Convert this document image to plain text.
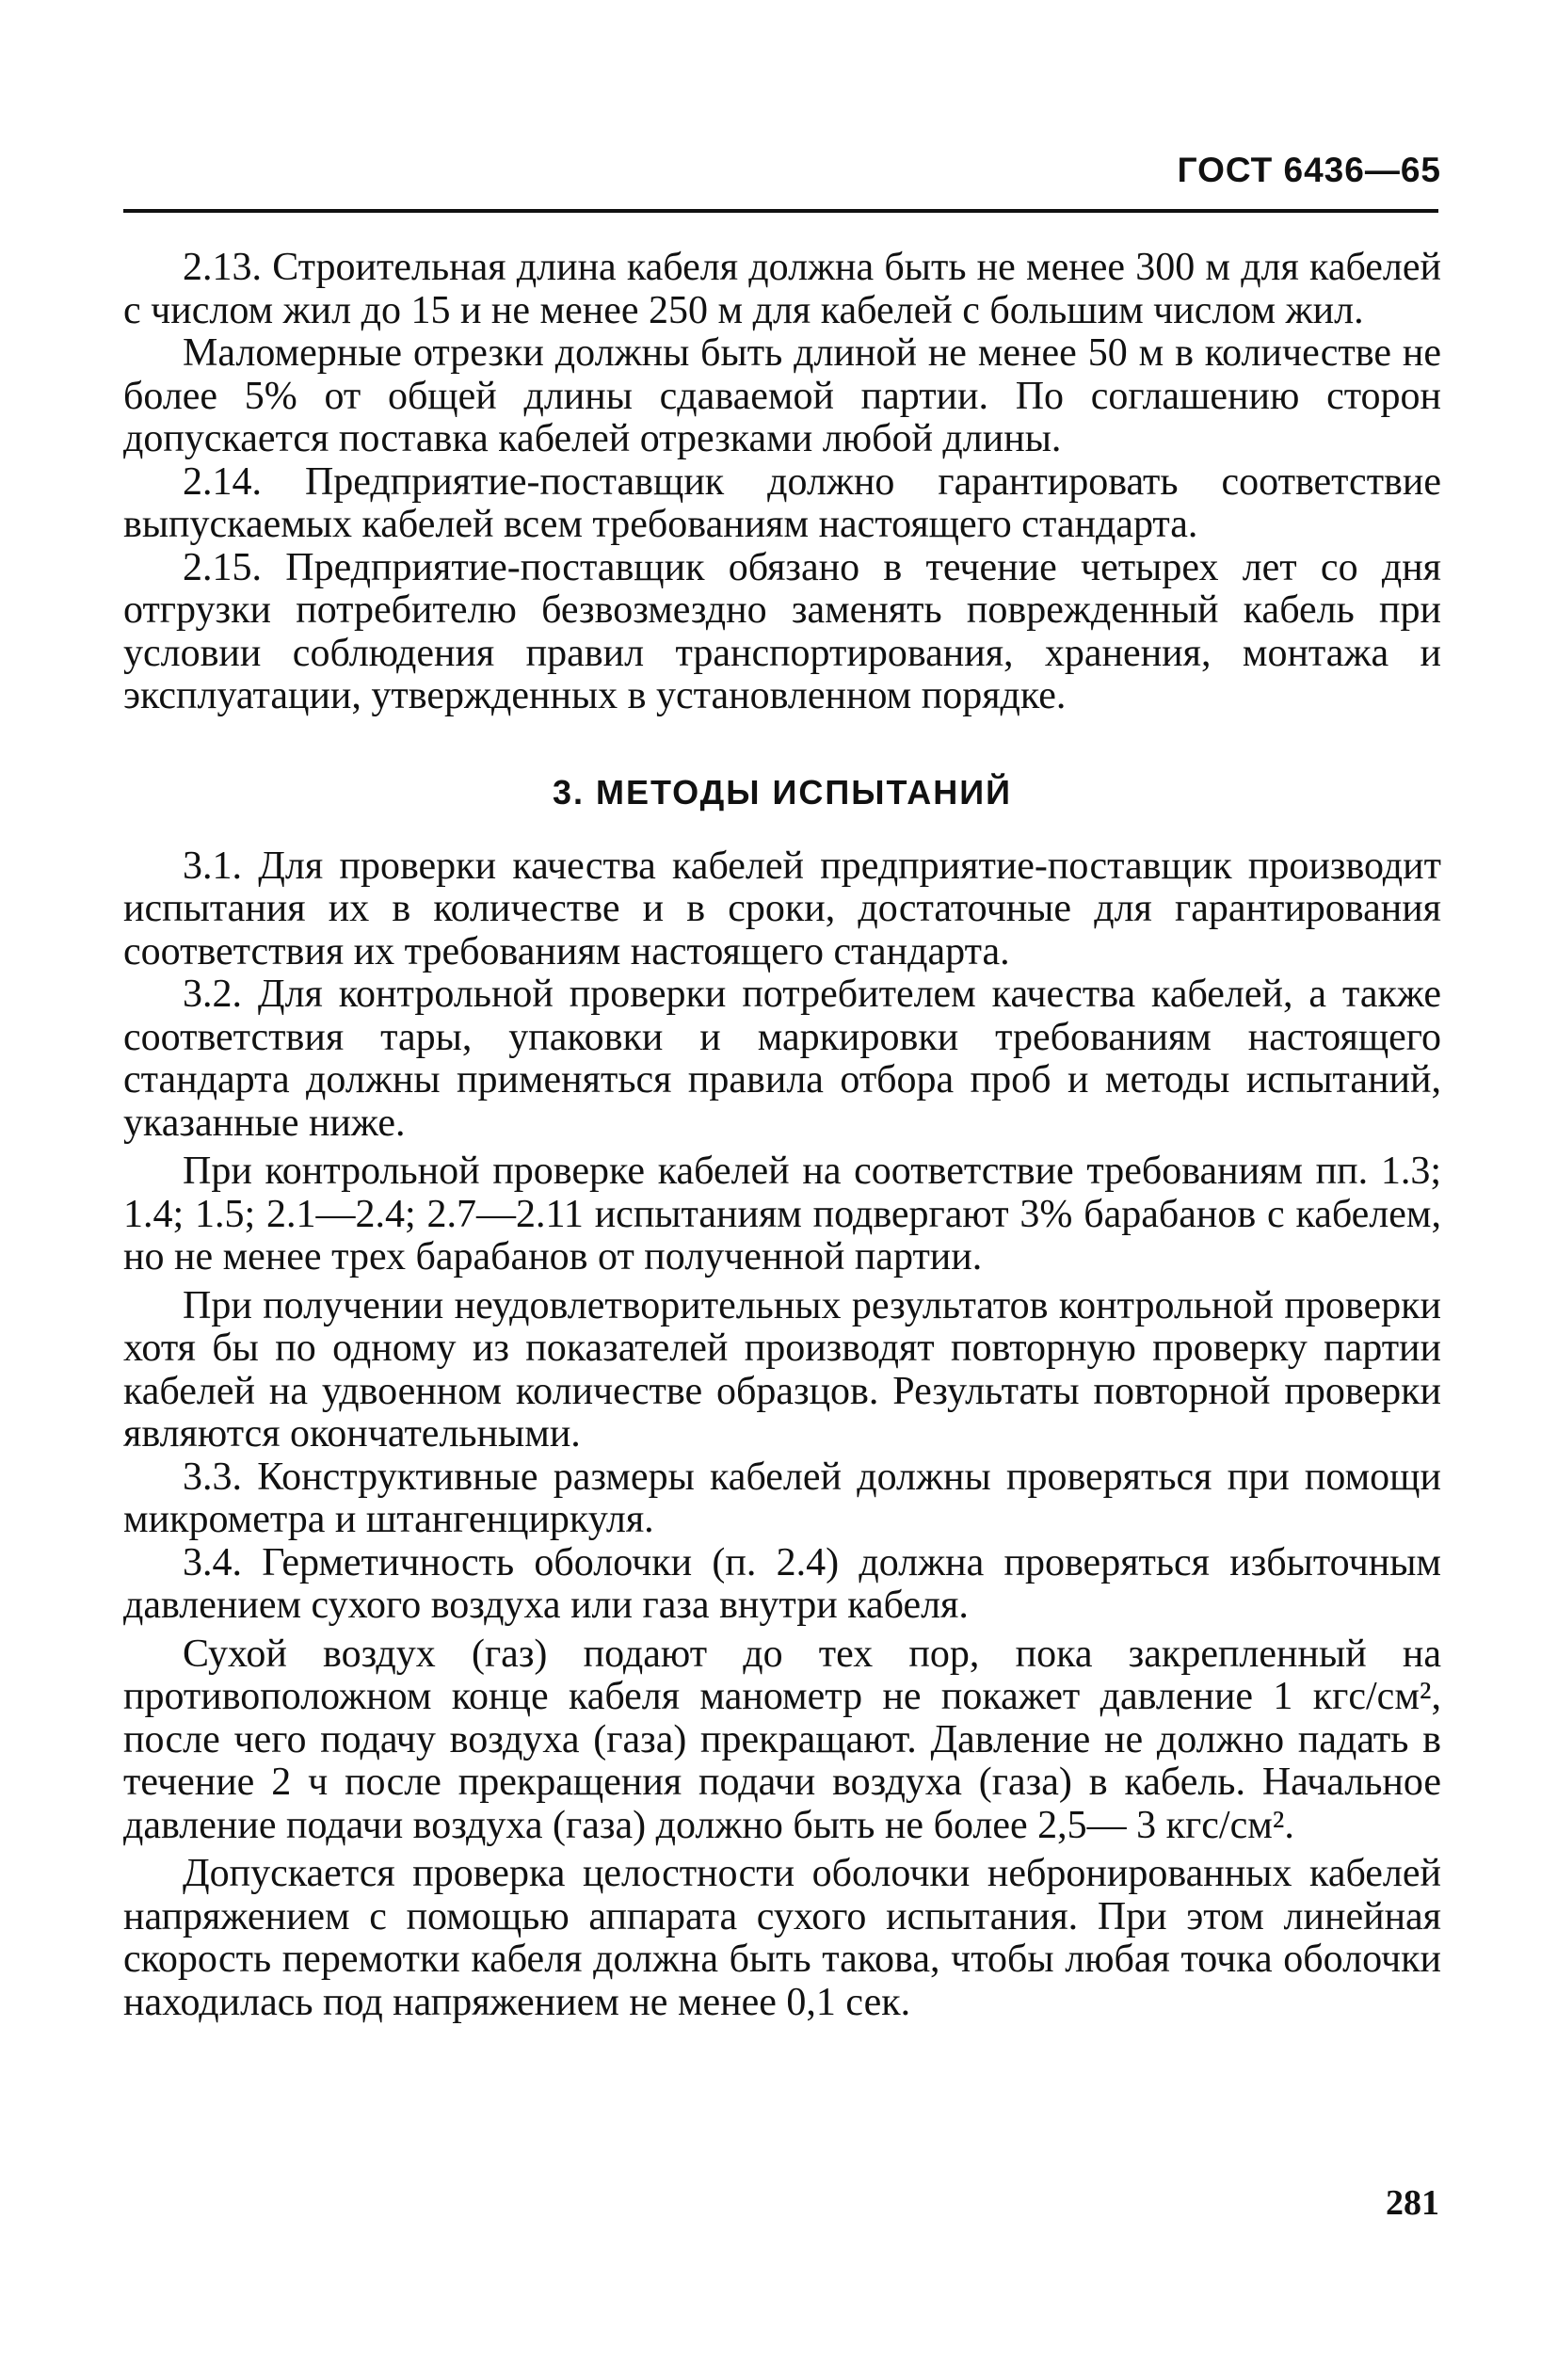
ГОСТ 6436—65

2.13. Строительная длина кабеля должна быть не менее 300 м для кабелей с числом жил до 15 и не менее 250 м для кабелей с большим числом жил.

Маломерные отрезки должны быть длиной не менее 50 м в количестве не более 5% от общей длины сдаваемой партии. По соглашению сторон допускается поставка кабелей отрезками любой длины.

2.14. Предприятие-поставщик должно гарантировать соответствие выпускаемых кабелей всем требованиям настоящего стандарта.

2.15. Предприятие-поставщик обязано в течение четырех лет со дня отгрузки потребителю безвозмездно заменять поврежденный кабель при условии соблюдения правил транспортирования, хранения, монтажа и эксплуатации, утвержденных в установленном порядке.

3. МЕТОДЫ ИСПЫТАНИЙ

3.1. Для проверки качества кабелей предприятие-поставщик производит испытания их в количестве и в сроки, достаточные для гарантирования соответствия их требованиям настоящего стандарта.

3.2. Для контрольной проверки потребителем качества кабелей, а также соответствия тары, упаковки и маркировки требованиям настоящего стандарта должны применяться правила отбора проб и методы испытаний, указанные ниже.

При контрольной проверке кабелей на соответствие требованиям пп. 1.3; 1.4; 1.5; 2.1—2.4; 2.7—2.11 испытаниям подвергают 3% барабанов с кабелем, но не менее трех барабанов от полученной партии.

При получении неудовлетворительных результатов контрольной проверки хотя бы по одному из показателей производят повторную проверку партии кабелей на удвоенном количестве образцов. Результаты повторной проверки являются окончательными.

3.3. Конструктивные размеры кабелей должны проверяться при помощи микрометра и штангенциркуля.

3.4. Герметичность оболочки (п. 2.4) должна проверяться избыточным давлением сухого воздуха или газа внутри кабеля.

Сухой воздух (газ) подают до тех пор, пока закрепленный на противоположном конце кабеля манометр не покажет давление 1 кгс/см², после чего подачу воздуха (газа) прекращают. Давление не должно падать в течение 2 ч после прекращения подачи воздуха (газа) в кабель. Начальное давление подачи воздуха (газа) должно быть не более 2,5— 3 кгс/см².

Допускается проверка целостности оболочки небронированных кабелей напряжением с помощью аппарата сухого испытания. При этом линейная скорость перемотки кабеля должна быть такова, чтобы любая точка оболочки находилась под напряжением не менее 0,1 сек.

281
